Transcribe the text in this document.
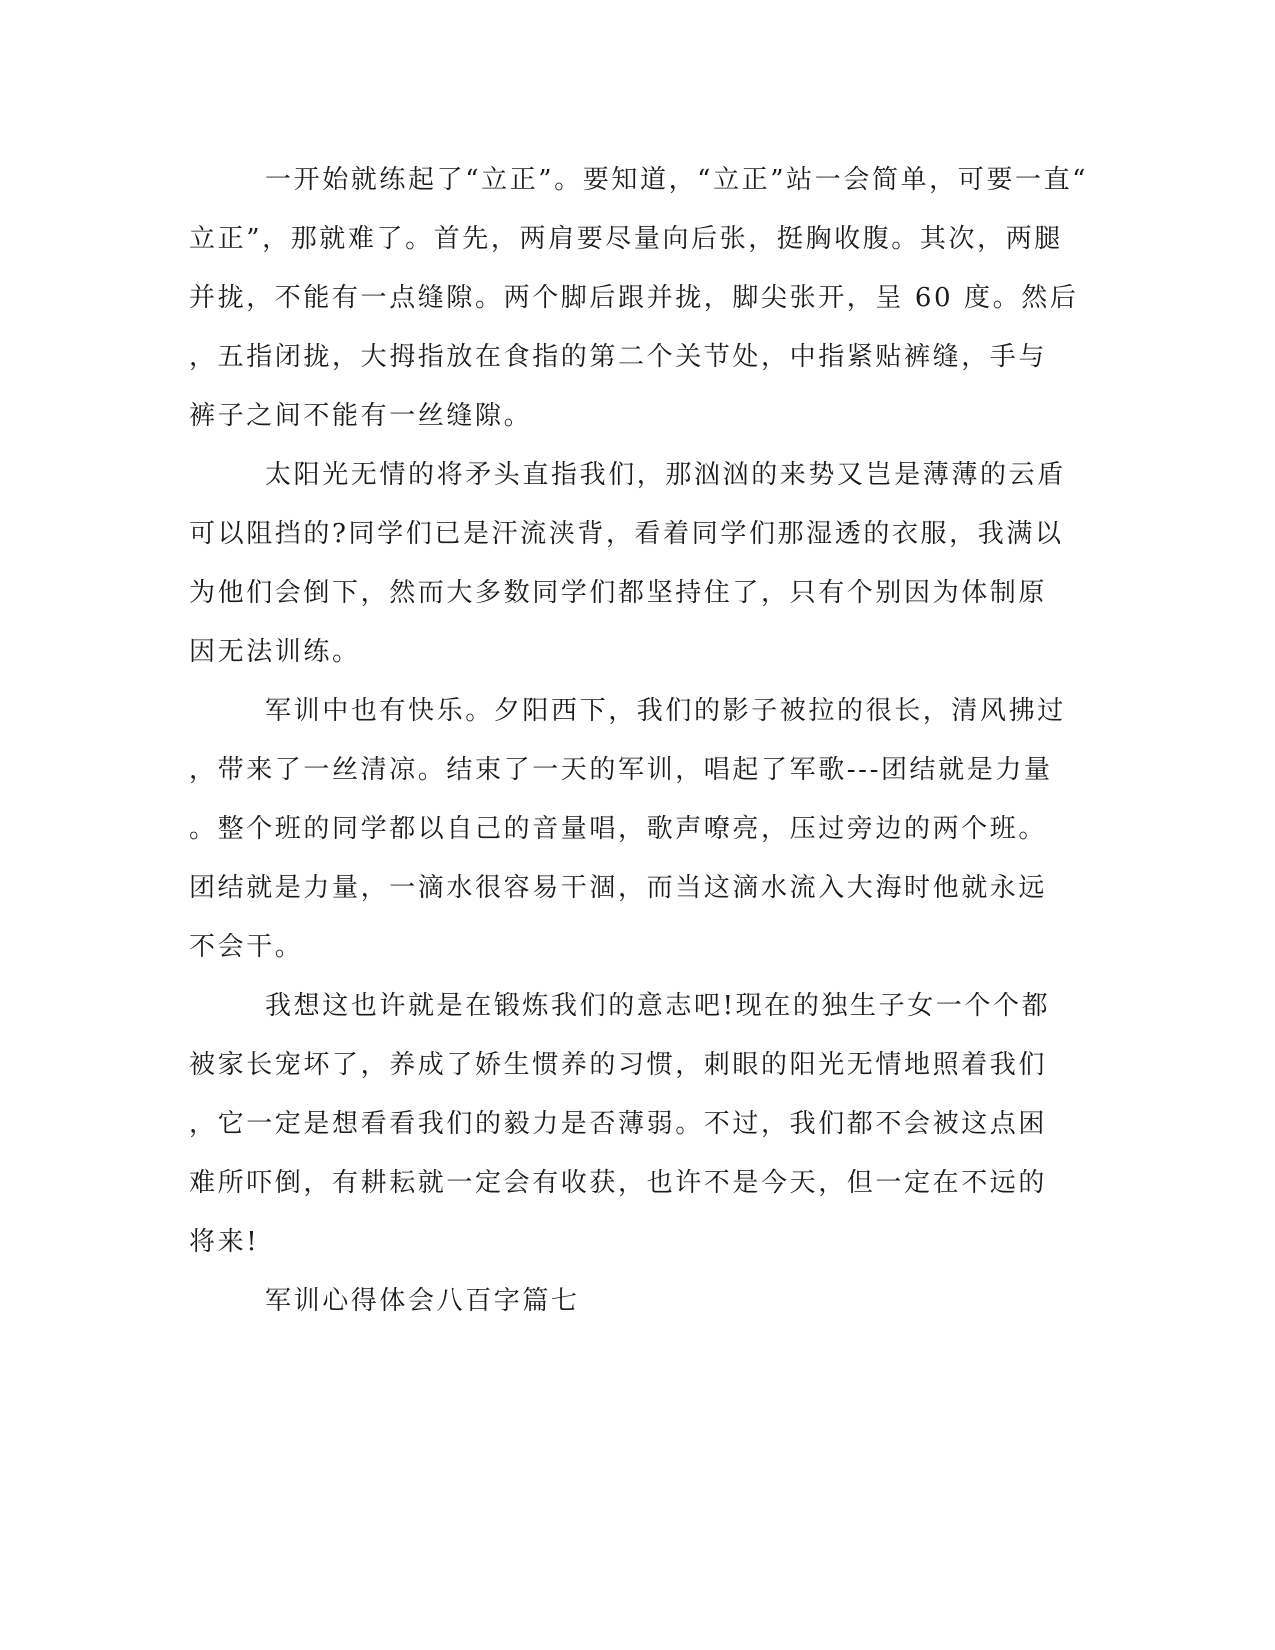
一开始就练起了“立正”。要知道，“立正”站一会简单，可要一直“
立正”，那就难了。首先，两肩要尽量向后张，挺胸收腹。其次，两腿
并拢，不能有一点缝隙。两个脚后跟并拢，脚尖张开，呈 60 度。然后
，五指闭拢，大拇指放在食指的第二个关节处，中指紧贴裤缝，手与
裤子之间不能有一丝缝隙。
太阳光无情的将矛头直指我们，那汹汹的来势又岂是薄薄的云盾
可以阻挡的?同学们已是汗流浃背，看着同学们那湿透的衣服，我满以
为他们会倒下，然而大多数同学们都坚持住了，只有个别因为体制原
因无法训练。
军训中也有快乐。夕阳西下，我们的影子被拉的很长，清风拂过
，带来了一丝清凉。结束了一天的军训，唱起了军歌---团结就是力量
。整个班的同学都以自己的音量唱，歌声嘹亮，压过旁边的两个班。
团结就是力量，一滴水很容易干涸，而当这滴水流入大海时他就永远
不会干。
我想这也许就是在锻炼我们的意志吧!现在的独生子女一个个都
被家长宠坏了，养成了娇生惯养的习惯，刺眼的阳光无情地照着我们
，它一定是想看看我们的毅力是否薄弱。不过，我们都不会被这点困
难所吓倒，有耕耘就一定会有收获，也许不是今天，但一定在不远的
将来!
军训心得体会八百字篇七
